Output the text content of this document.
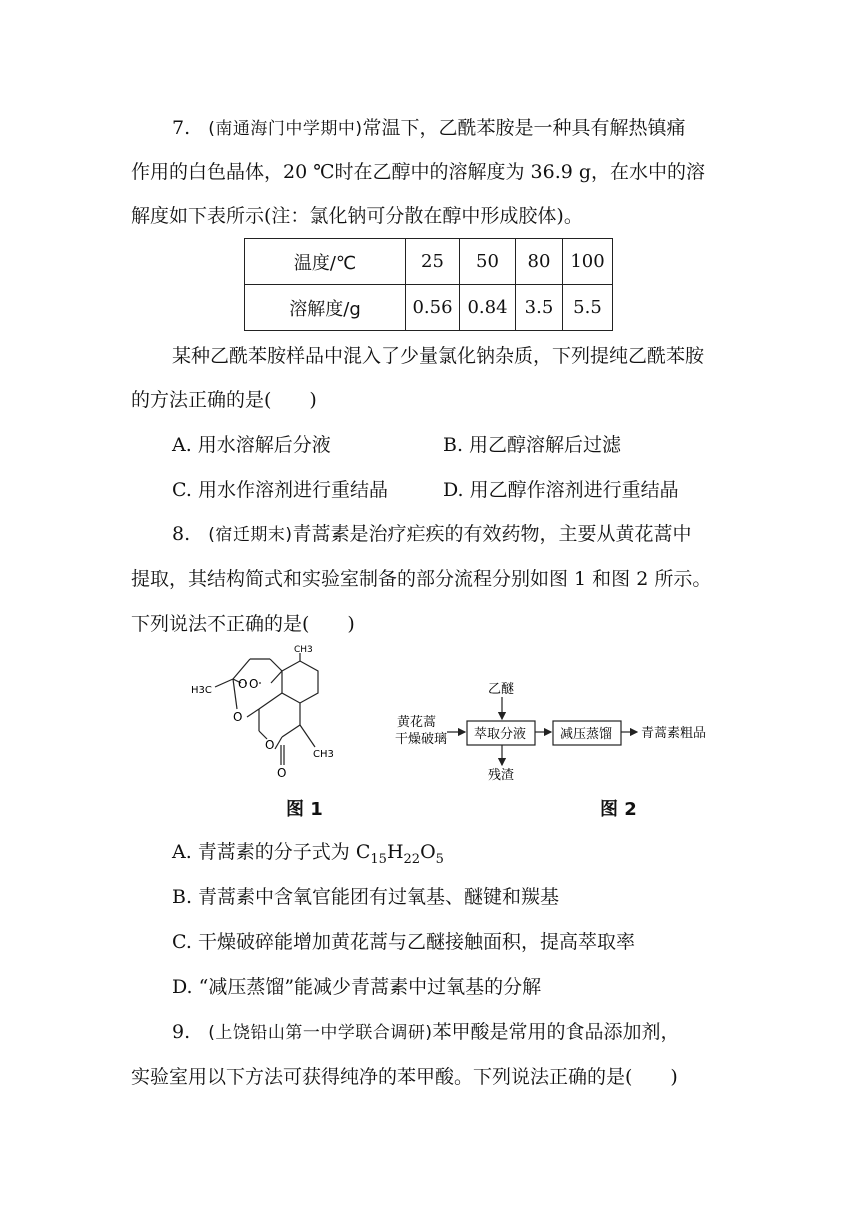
7. (南通海门中学期中)常温下，乙酰苯胺是一种具有解热镇痛
作用的白色晶体，20 ℃时在乙醇中的溶解度为 36.9 g，在水中的溶
解度如下表所示(注：氯化钠可分散在醇中形成胶体)。
温度/℃	25	50	80	100
溶解度/g	0.56	0.84	3.5	5.5
某种乙酰苯胺样品中混入了少量氯化钠杂质，下列提纯乙酰苯胺
的方法正确的是(　　)
A. 用水溶解后分液	B. 用乙醇溶解后过滤
C. 用水作溶剂进行重结晶	D. 用乙醇作溶剂进行重结晶
8. (宿迁期末)青蒿素是治疗疟疾的有效药物，主要从黄花蒿中
提取，其结构简式和实验室制备的部分流程分别如图 1 和图 2 所示。
下列说法不正确的是(　　)
CH3
H3C O O
O
O
O
CH3
乙醚
黄花蒿
干燥破璃 萃取分液	减压蒸馏 青蒿素粗品
残渣
图 1	图 2
A. 青蒿素的分子式为 $C_{15}H_{22}O_5$
B. 青蒿素中含氧官能团有过氧基、醚键和羰基
C. 干燥破碎能增加黄花蒿与乙醚接触面积，提高萃取率
D. “减压蒸馏”能减少青蒿素中过氧基的分解
9. (上饶铅山第一中学联合调研)苯甲酸是常用的食品添加剂，
实验室用以下方法可获得纯净的苯甲酸。下列说法正确的是(　　)
